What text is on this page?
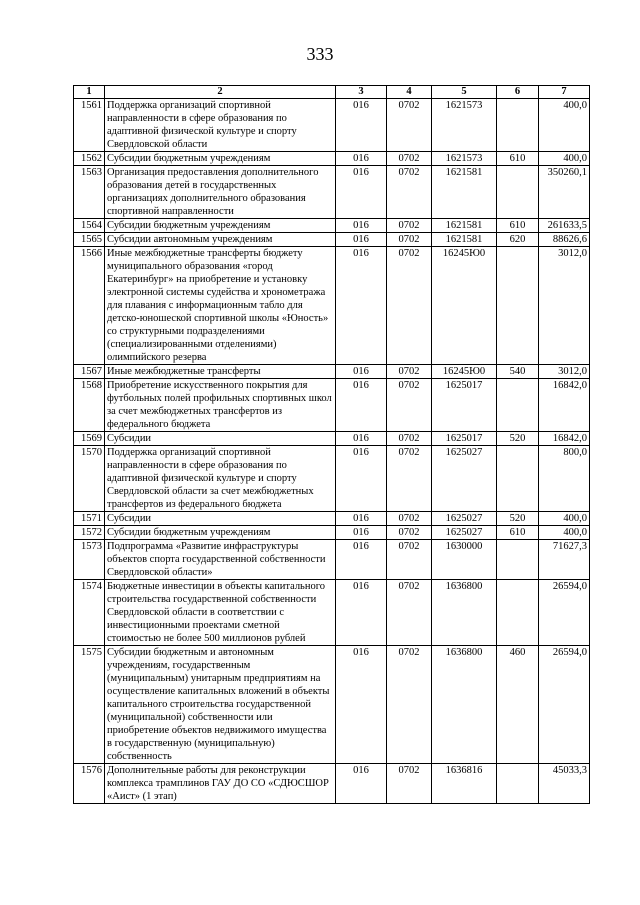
333
1	2	3	4	5	6	7
1561	Поддержка организаций спортивной направленности в сфере образования по адаптивной физической культуре и спорту Свердловской области	016	0702	1621573		400,0
1562	Субсидии бюджетным учреждениям	016	0702	1621573	610	400,0
1563	Организация предоставления дополнительного образования детей в государственных организациях дополнительного образования спортивной направленности	016	0702	1621581		350260,1
1564	Субсидии бюджетным учреждениям	016	0702	1621581	610	261633,5
1565	Субсидии автономным учреждениям	016	0702	1621581	620	88626,6
1566	Иные межбюджетные трансферты бюджету муниципального образования «город Екатеринбург» на приобретение и установку электронной системы судейства и хронометража для плавания с информационным табло для детско-юношеской спортивной школы «Юность» со структурными подразделениями (специализированными отделениями) олимпийского резерва	016	0702	16245Ю0		3012,0
1567	Иные межбюджетные трансферты	016	0702	16245Ю0	540	3012,0
1568	Приобретение искусственного покрытия для футбольных полей профильных спортивных школ за счет межбюджетных трансфертов из федерального бюджета	016	0702	1625017		16842,0
1569	Субсидии	016	0702	1625017	520	16842,0
1570	Поддержка организаций спортивной направленности в сфере образования по адаптивной физической культуре и спорту Свердловской области за счет межбюджетных трансфертов из федерального бюджета	016	0702	1625027		800,0
1571	Субсидии	016	0702	1625027	520	400,0
1572	Субсидии бюджетным учреждениям	016	0702	1625027	610	400,0
1573	Подпрограмма «Развитие инфраструктуры объектов спорта государственной собственности Свердловской области»	016	0702	1630000		71627,3
1574	Бюджетные инвестиции в объекты капитального строительства государственной собственности Свердловской области в соответствии с инвестиционными проектами сметной стоимостью не более 500 миллионов рублей	016	0702	1636800		26594,0
1575	Субсидии бюджетным и автономным учреждениям, государственным (муниципальным) унитарным предприятиям на осуществление капитальных вложений в объекты капитального строительства государственной (муниципальной) собственности или приобретение объектов недвижимого имущества в государственную (муниципальную) собственность	016	0702	1636800	460	26594,0
1576	Дополнительные работы для реконструкции комплекса трамплинов ГАУ ДО СО «СДЮСШОР «Аист» (1 этап)	016	0702	1636816		45033,3
